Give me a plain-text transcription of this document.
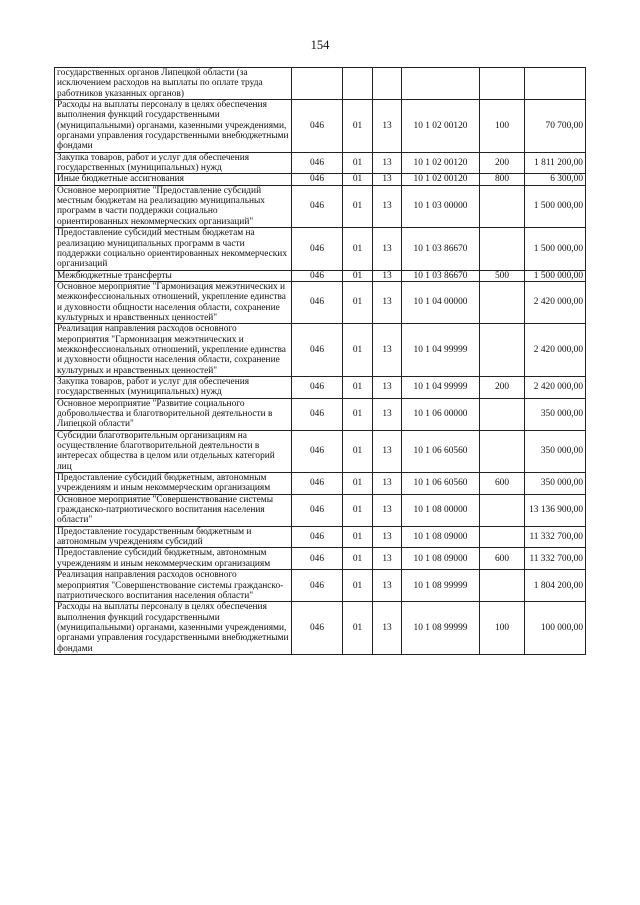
154
государственных органов Липецкой области (за исключением расходов на выплаты по оплате труда работников указанных органов)						
Расходы на выплаты персоналу в целях обеспечения выполнения функций государственными (муниципальными) органами, казенными учреждениями, органами управления государственными внебюджетными фондами	046	01	13	10 1 02 00120	100	70 700,00
Закупка товаров, работ и услуг для обеспечения государственных (муниципальных) нужд	046	01	13	10 1 02 00120	200	1 811 200,00
Иные бюджетные ассигнования	046	01	13	10 1 02 00120	800	6 300,00
Основное мероприятие "Предоставление субсидий местным бюджетам на реализацию муниципальных программ в части поддержки социально ориентированных некоммерческих организаций"	046	01	13	10 1 03 00000		1 500 000,00
Предоставление субсидий местным бюджетам на реализацию муниципальных программ в части поддержки социально ориентированных некоммерческих организаций	046	01	13	10 1 03 86670		1 500 000,00
Межбюджетные трансферты	046	01	13	10 1 03 86670	500	1 500 000,00
Основное мероприятие "Гармонизация межэтнических и межконфессиональных отношений, укрепление единства и духовности общности населения области, сохранение культурных и нравственных ценностей"	046	01	13	10 1 04 00000		2 420 000,00
Реализация направления расходов основного мероприятия "Гармонизация межэтнических и межконфессиональных отношений, укрепление единства и духовности общности населения области, сохранение культурных и нравственных ценностей"	046	01	13	10 1 04 99999		2 420 000,00
Закупка товаров, работ и услуг для обеспечения государственных (муниципальных) нужд	046	01	13	10 1 04 99999	200	2 420 000,00
Основное мероприятие "Развитие социального добровольчества и благотворительной деятельности в Липецкой области"	046	01	13	10 1 06 00000		350 000,00
Субсидии благотворительным организациям на осуществление благотворительной деятельности в интересах общества в целом или отдельных категорий лиц	046	01	13	10 1 06 60560		350 000,00
Предоставление субсидий бюджетным, автономным учреждениям и иным некоммерческим организациям	046	01	13	10 1 06 60560	600	350 000,00
Основное мероприятие "Совершенствование системы гражданско-патриотического воспитания населения области"	046	01	13	10 1 08 00000		13 136 900,00
Предоставление государственным бюджетным и автономным учреждениям субсидий	046	01	13	10 1 08 09000		11 332 700,00
Предоставление субсидий бюджетным, автономным учреждениям и иным некоммерческим организациям	046	01	13	10 1 08 09000	600	11 332 700,00
Реализация направления расходов основного мероприятия "Совершенствование системы гражданско-патриотического воспитания населения области"	046	01	13	10 1 08 99999		1 804 200,00
Расходы на выплаты персоналу в целях обеспечения выполнения функций государственными (муниципальными) органами, казенными учреждениями, органами управления государственными внебюджетными фондами	046	01	13	10 1 08 99999	100	100 000,00
